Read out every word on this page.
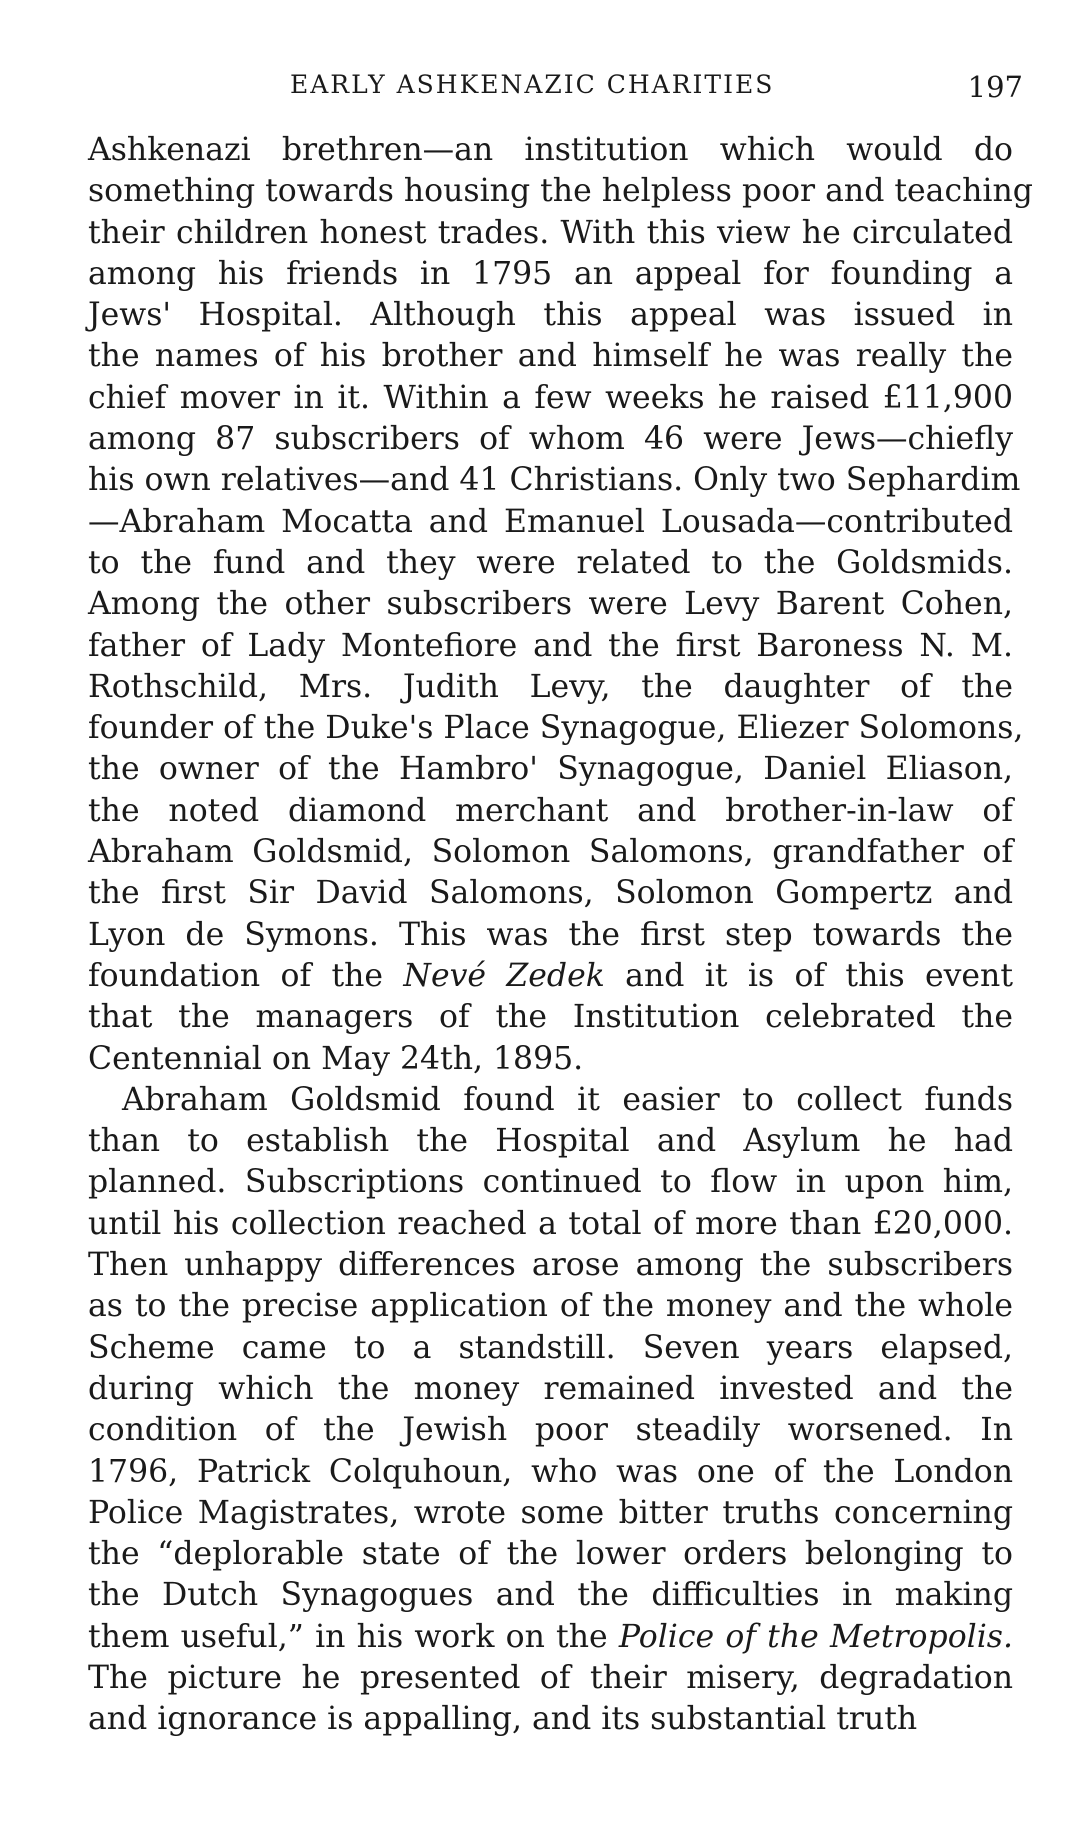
EARLY ASHKENAZIC CHARITIES	197
Ashkenazi brethren—an institution which would do
something towards housing the helpless poor and teaching
their children honest trades. With this view he circulated
among his friends in 1795 an appeal for founding a
Jews' Hospital. Although this appeal was issued in
the names of his brother and himself he was really the
chief mover in it. Within a few weeks he raised £11,900
among 87 subscribers of whom 46 were Jews—chiefly
his own relatives—and 41 Christians. Only two Sephardim
—Abraham Mocatta and Emanuel Lousada—contributed
to the fund and they were related to the Goldsmids.
Among the other subscribers were Levy Barent Cohen,
father of Lady Montefiore and the first Baroness N. M.
Rothschild, Mrs. Judith Levy, the daughter of the
founder of the Duke's Place Synagogue, Eliezer Solomons,
the owner of the Hambro' Synagogue, Daniel Eliason,
the noted diamond merchant and brother-in-law of
Abraham Goldsmid, Solomon Salomons, grandfather of
the first Sir David Salomons, Solomon Gompertz and
Lyon de Symons. This was the first step towards the
foundation of the Nevé Zedek and it is of this event
that the managers of the Institution celebrated the
Centennial on May 24th, 1895.
Abraham Goldsmid found it easier to collect funds
than to establish the Hospital and Asylum he had
planned. Subscriptions continued to flow in upon him,
until his collection reached a total of more than £20,000.
Then unhappy differences arose among the subscribers
as to the precise application of the money and the whole
Scheme came to a standstill. Seven years elapsed,
during which the money remained invested and the
condition of the Jewish poor steadily worsened. In
1796, Patrick Colquhoun, who was one of the London
Police Magistrates, wrote some bitter truths concerning
the “deplorable state of the lower orders belonging to
the Dutch Synagogues and the difficulties in making
them useful,” in his work on the Police of the Metropolis.
The picture he presented of their misery, degradation
and ignorance is appalling, and its substantial truth
